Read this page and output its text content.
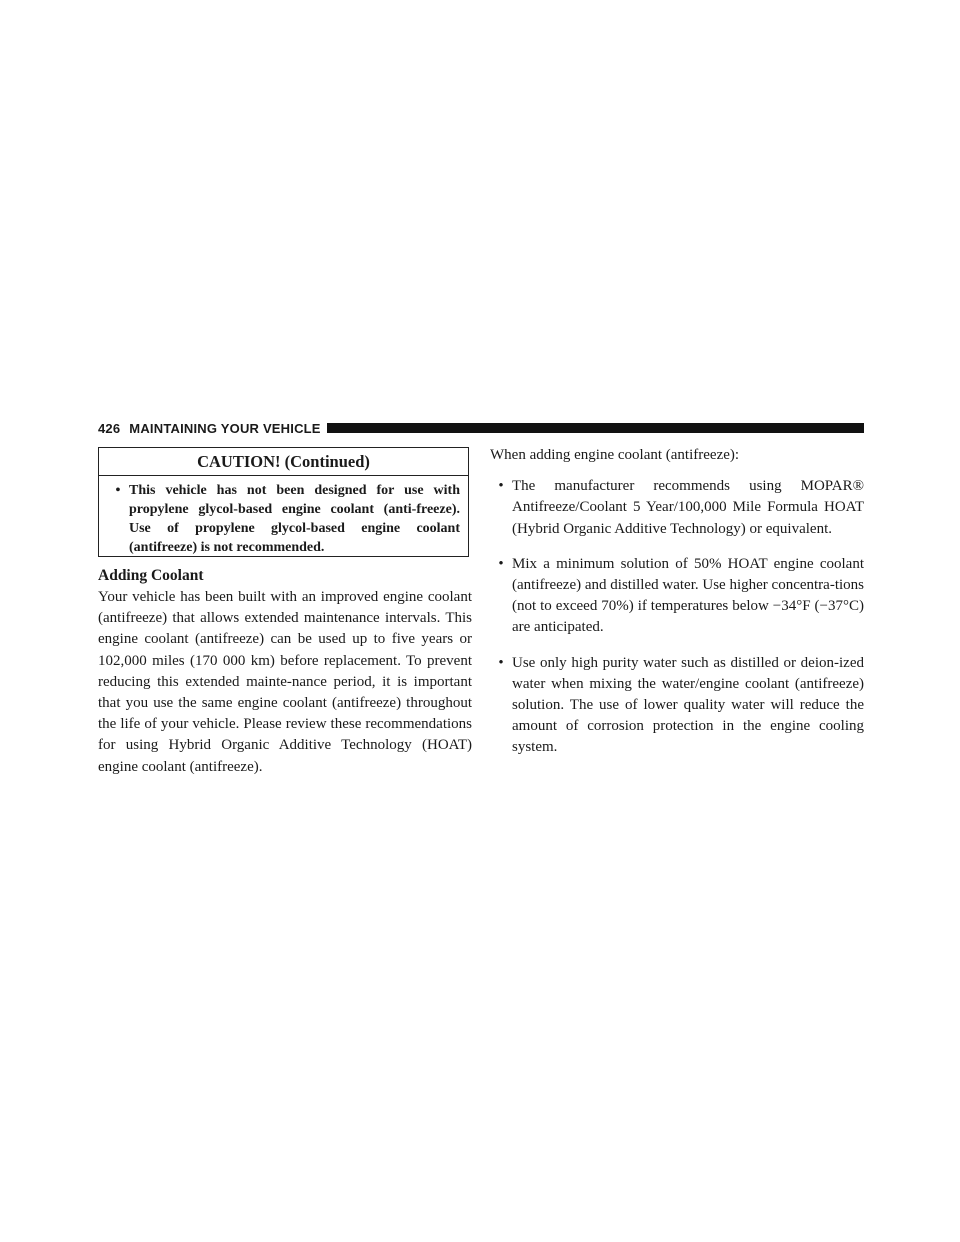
426 MAINTAINING YOUR VEHICLE
CAUTION! (Continued)
• This vehicle has not been designed for use with propylene glycol-based engine coolant (anti-freeze). Use of propylene glycol-based engine coolant (antifreeze) is not recommended.
Adding Coolant

Your vehicle has been built with an improved engine coolant (antifreeze) that allows extended maintenance intervals. This engine coolant (antifreeze) can be used up to five years or 102,000 miles (170 000 km) before replacement. To prevent reducing this extended mainte-nance period, it is important that you use the same engine coolant (antifreeze) throughout the life of your vehicle. Please review these recommendations for using Hybrid Organic Additive Technology (HOAT) engine coolant (antifreeze).

When adding engine coolant (antifreeze):

• The manufacturer recommends using MOPAR® Antifreeze/Coolant 5 Year/100,000 Mile Formula HOAT (Hybrid Organic Additive Technology) or equivalent.
• Mix a minimum solution of 50% HOAT engine coolant (antifreeze) and distilled water. Use higher concentra-tions (not to exceed 70%) if temperatures below −34°F (−37°C) are anticipated.
• Use only high purity water such as distilled or deion-ized water when mixing the water/engine coolant (antifreeze) solution. The use of lower quality water will reduce the amount of corrosion protection in the engine cooling system.
